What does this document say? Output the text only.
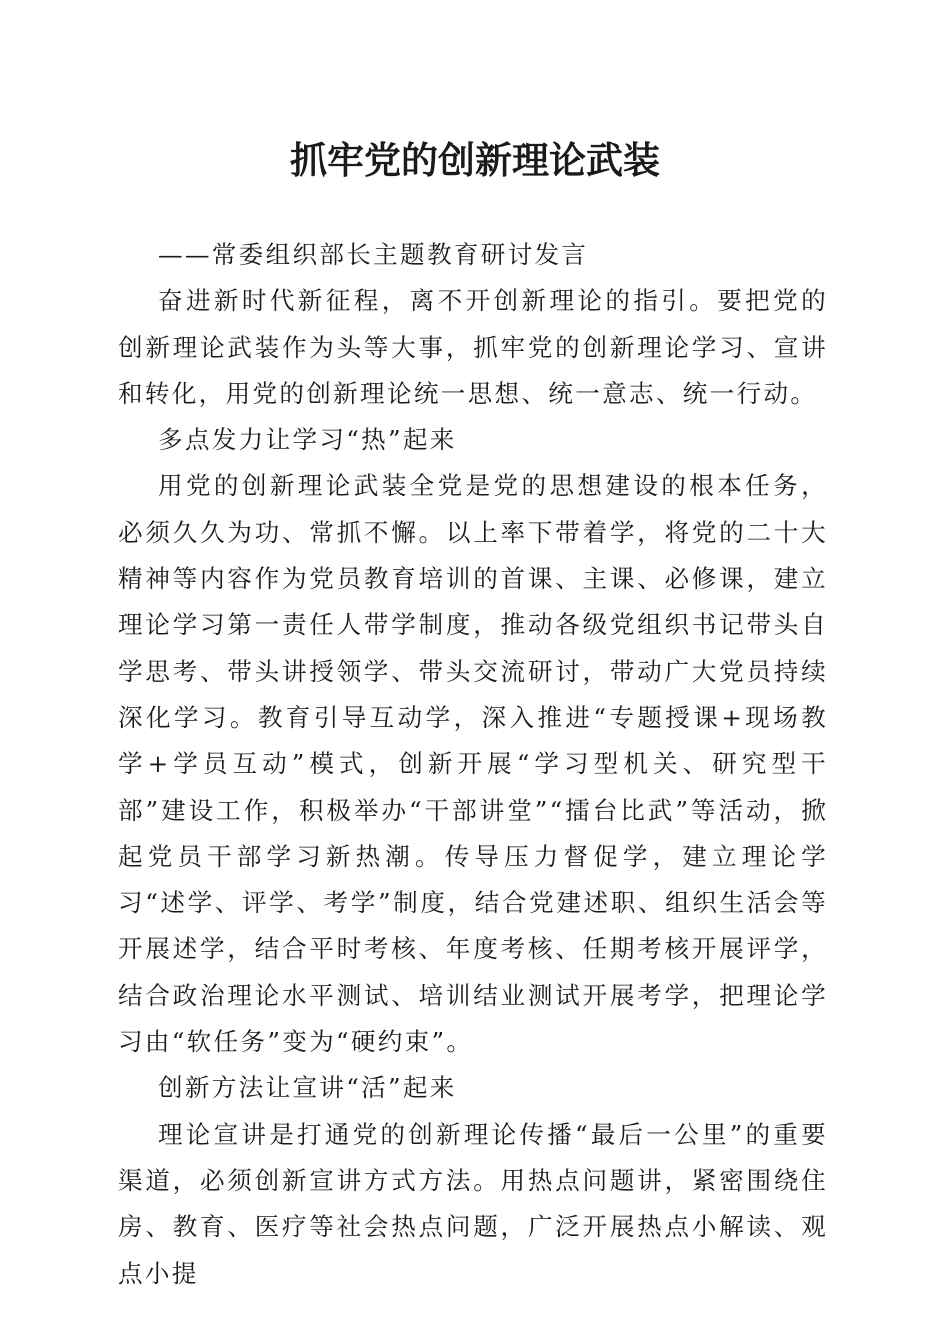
抓牢党的创新理论武装

——常委组织部长主题教育研讨发言

奋进新时代新征程，离不开创新理论的指引。要把党的创新理论武装作为头等大事，抓牢党的创新理论学习、宣讲和转化，用党的创新理论统一思想、统一意志、统一行动。

多点发力让学习“热”起来

用党的创新理论武装全党是党的思想建设的根本任务，必须久久为功、常抓不懈。以上率下带着学，将党的二十大精神等内容作为党员教育培训的首课、主课、必修课，建立理论学习第一责任人带学制度，推动各级党组织书记带头自学思考、带头讲授领学、带头交流研讨，带动广大党员持续深化学习。教育引导互动学，深入推进“专题授课+现场教学+学员互动”模式，创新开展“学习型机关、研究型干部”建设工作，积极举办“干部讲堂”“擂台比武”等活动，掀起党员干部学习新热潮。传导压力督促学，建立理论学习“述学、评学、考学”制度，结合党建述职、组织生活会等开展述学，结合平时考核、年度考核、任期考核开展评学，结合政治理论水平测试、培训结业测试开展考学，把理论学习由“软任务”变为“硬约束”。

创新方法让宣讲“活”起来

理论宣讲是打通党的创新理论传播“最后一公里”的重要渠道，必须创新宣讲方式方法。用热点问题讲，紧密围绕住房、教育、医疗等社会热点问题，广泛开展热点小解读、观点小提
